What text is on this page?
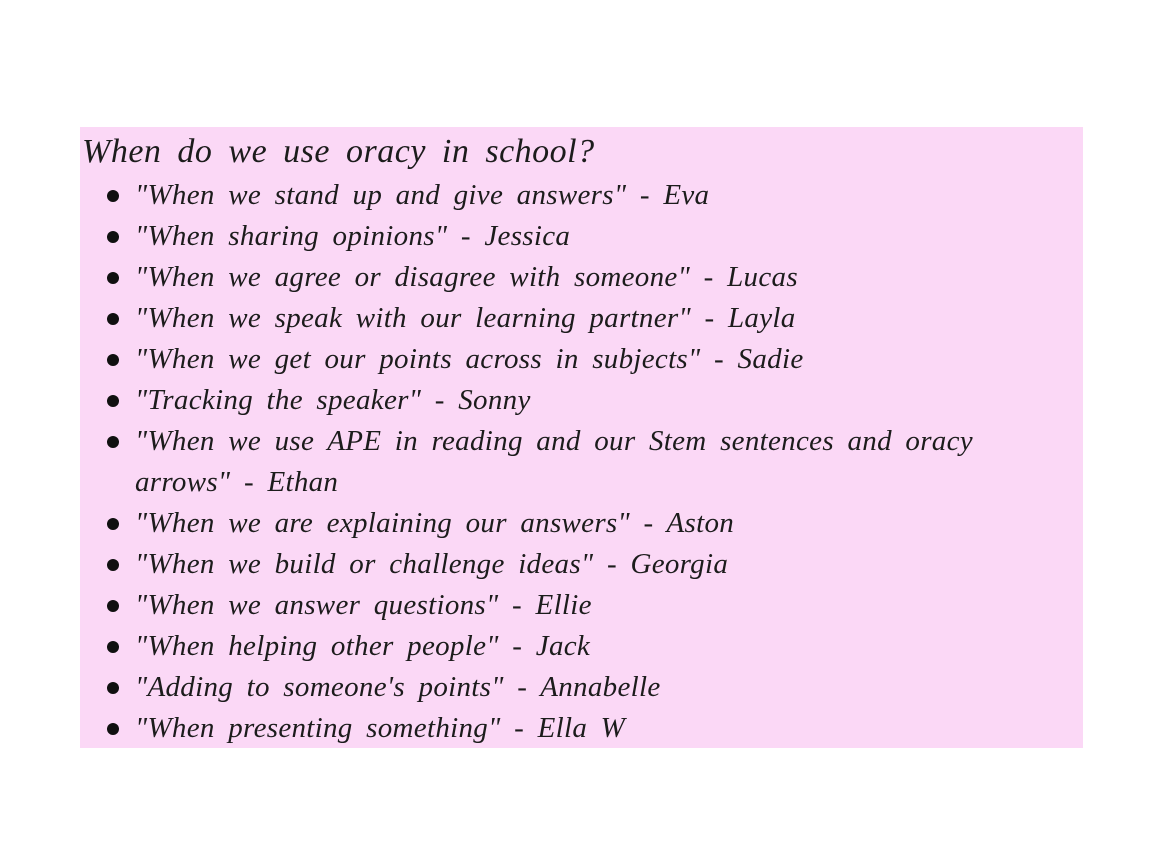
When do we use oracy in school?
"When we stand up and give answers" - Eva
"When sharing opinions" - Jessica
"When we agree or disagree with someone" - Lucas
"When we speak with our learning partner" - Layla
"When we get our points across in subjects" - Sadie
"Tracking the speaker" - Sonny
"When we use APE in reading and our Stem sentences and oracy arrows" - Ethan
"When we are explaining our answers" - Aston
"When we build or challenge ideas" - Georgia
"When we answer questions" - Ellie
"When helping other people" - Jack
"Adding to someone's points" - Annabelle
"When presenting something" - Ella W
